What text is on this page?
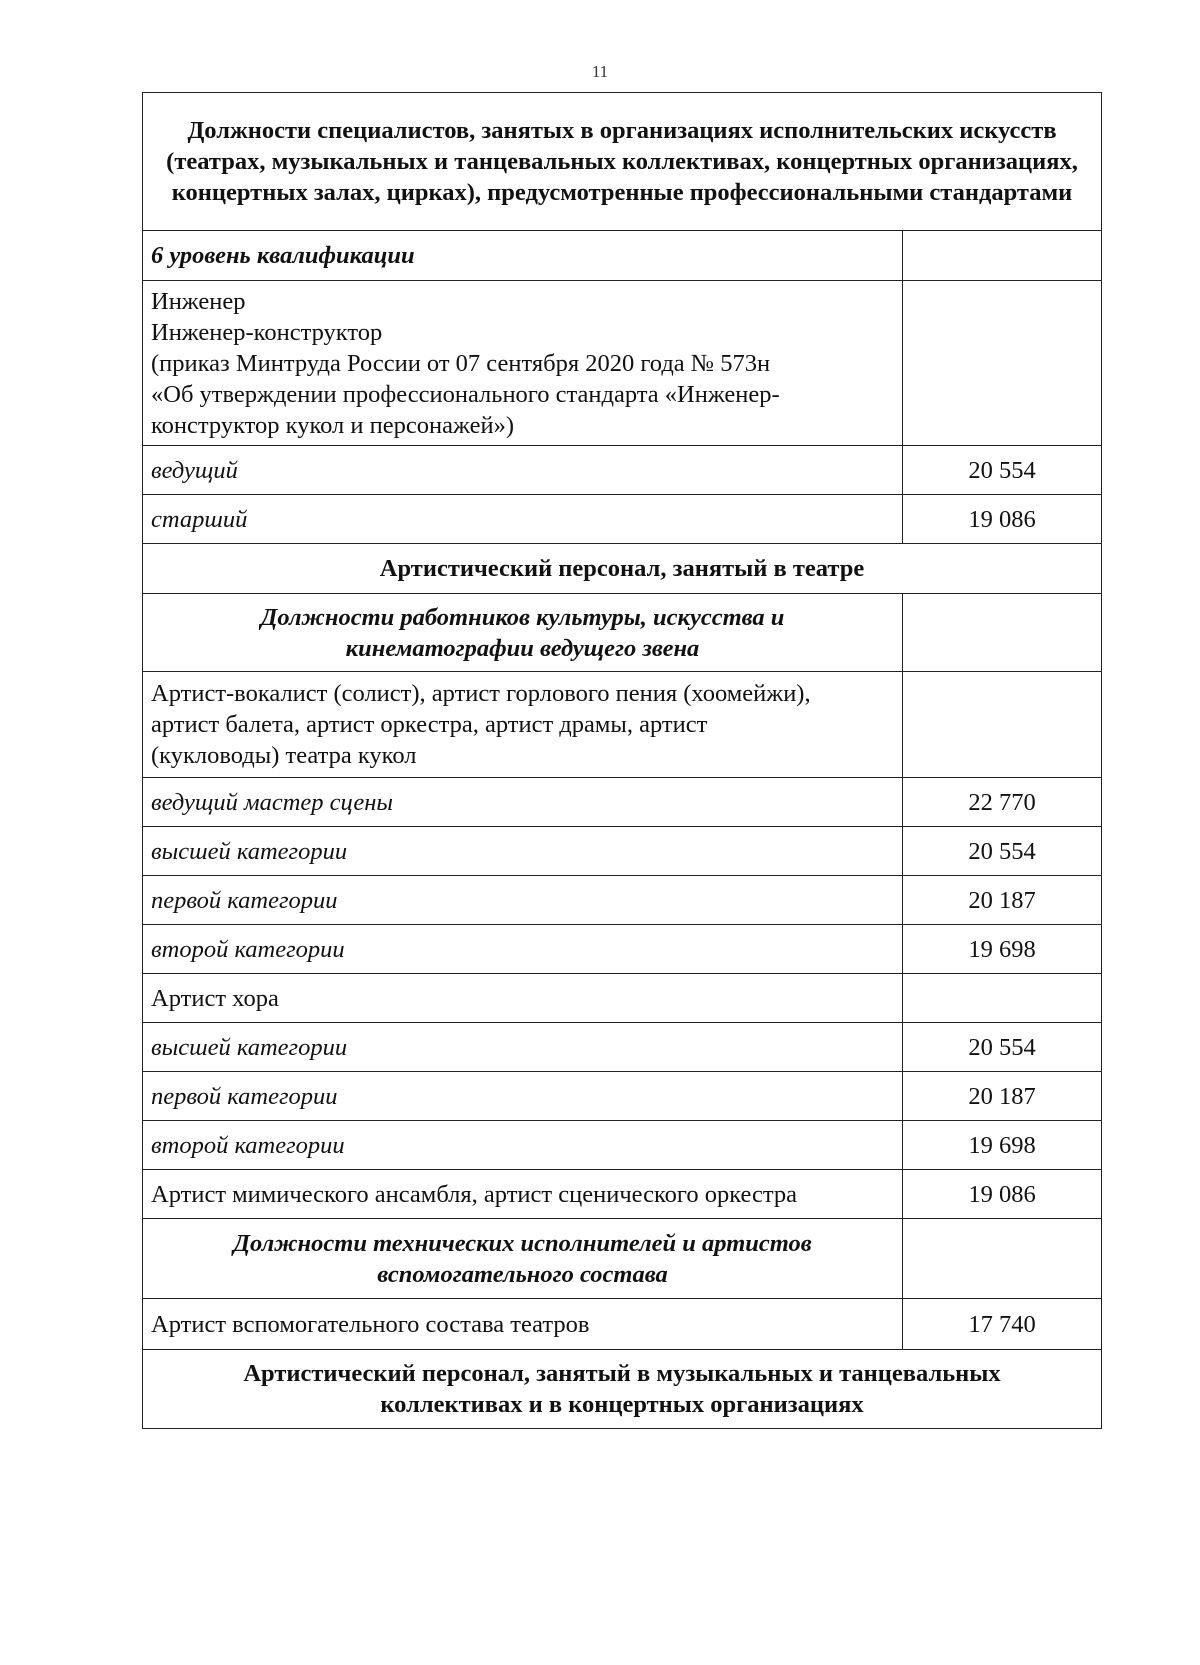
11
Должности специалистов, занятых в организациях исполнительских искусств (театрах, музыкальных и танцевальных коллективах, концертных организациях, концертных залах, цирках), предусмотренные профессиональными стандартами	
6 уровень квалификации	

Инженер
Инженер-конструктор
(приказ Минтруда России от 07 сентября 2020 года № 573н
«Об утверждении профессионального стандарта «Инженер-
конструктор кукол и персонажей»)	

ведущий	20 554
старший	19 086
Артистический персонал, занятый в театре	

Должности работников культуры, искусства и
кинематографии ведущего звена	

Артист-вокалист (солист), артист горлового пения (хоомейжи),
артист балета, артист оркестра, артист драмы, артист
(кукловоды) театра кукол	

ведущий мастер сцены	22 770
высшей категории	20 554
первой категории	20 187
второй категории	19 698
Артист хора	
высшей категории	20 554
первой категории	20 187
второй категории	19 698
Артист мимического ансамбля, артист сценического оркестра	19 086

Должности технических исполнителей и артистов
вспомогательного состава	

Артист вспомогательного состава театров	17 740

Артистический персонал, занятый в музыкальных и танцевальных
коллективах и в концертных организациях	
